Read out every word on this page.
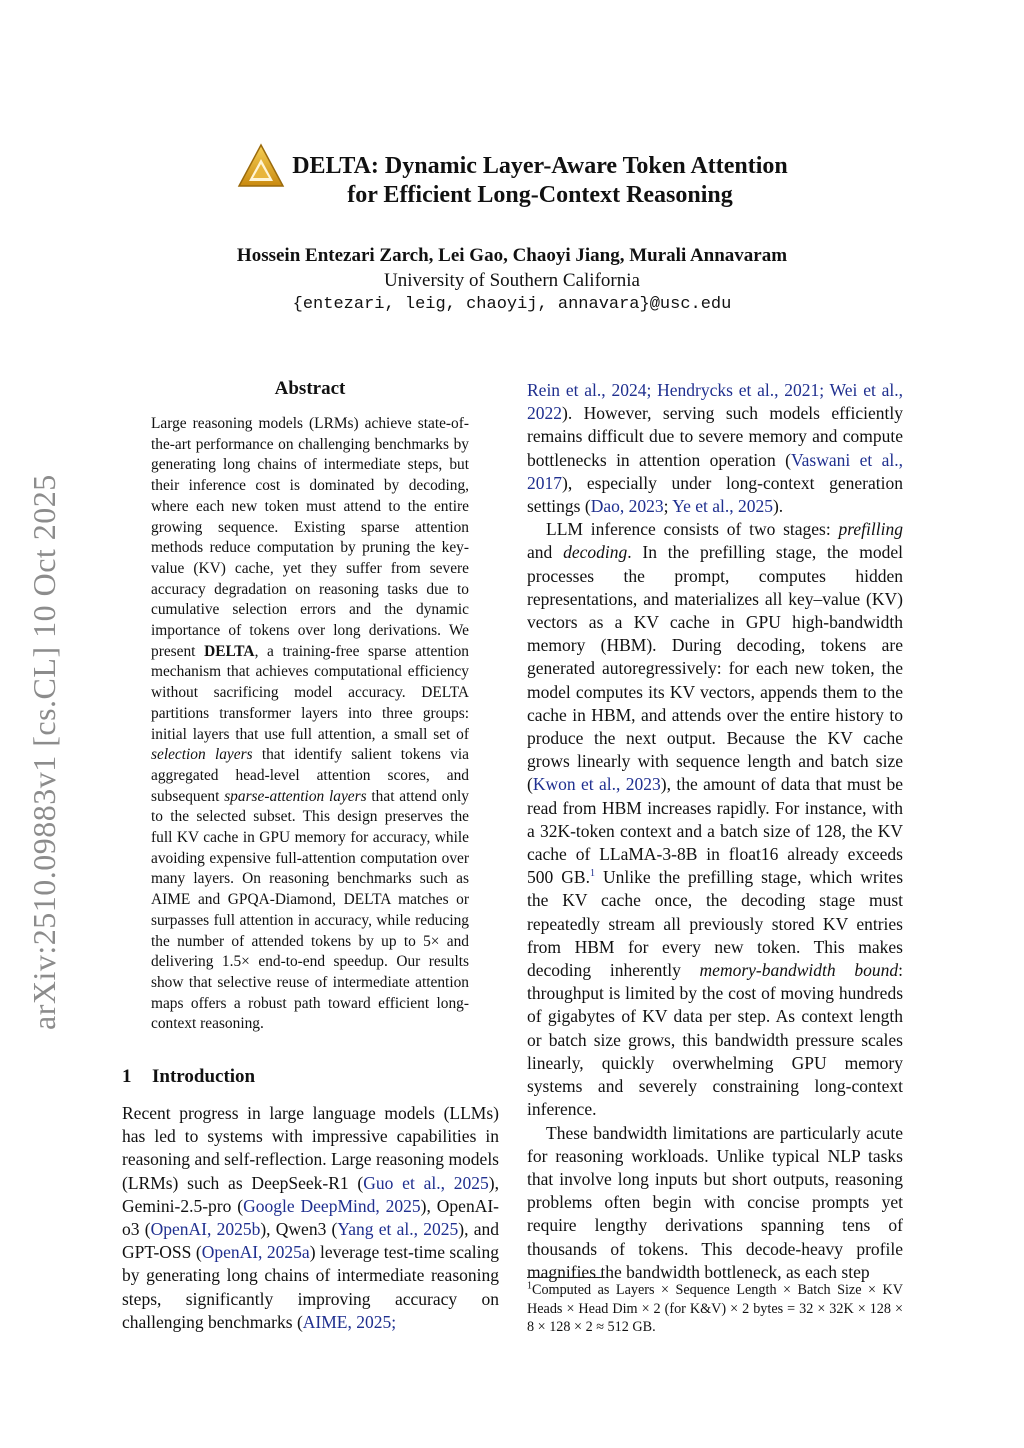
arXiv:2510.09883v1 [cs.CL] 10 Oct 2025
DELTA: Dynamic Layer-Aware Token Attention
for Efficient Long-Context Reasoning
Hossein Entezari Zarch, Lei Gao, Chaoyi Jiang, Murali Annavaram
University of Southern California
{entezari, leig, chaoyij, annavara}@usc.edu
Abstract
Large reasoning models (LRMs) achieve state-of-the-art performance on challenging benchmarks by generating long chains of intermediate steps, but their inference cost is dominated by decoding, where each new token must attend to the entire growing sequence. Existing sparse attention methods reduce computation by pruning the key-value (KV) cache, yet they suffer from severe accuracy degradation on reasoning tasks due to cumulative selection errors and the dynamic importance of tokens over long derivations. We present DELTA, a training-free sparse attention mechanism that achieves computational efficiency without sacrificing model accuracy. DELTA partitions transformer layers into three groups: initial layers that use full attention, a small set of selection layers that identify salient tokens via aggregated head-level attention scores, and subsequent sparse-attention layers that attend only to the selected subset. This design preserves the full KV cache in GPU memory for accuracy, while avoiding expensive full-attention computation over many layers. On reasoning benchmarks such as AIME and GPQA-Diamond, DELTA matches or surpasses full attention in accuracy, while reducing the number of attended tokens by up to 5× and delivering 1.5× end-to-end speedup. Our results show that selective reuse of intermediate attention maps offers a robust path toward efficient long-context reasoning.
1 Introduction

Recent progress in large language models (LLMs) has led to systems with impressive capabilities in reasoning and self-reflection. Large reasoning models (LRMs) such as DeepSeek-R1 (Guo et al., 2025), Gemini-2.5-pro (Google DeepMind, 2025), OpenAI-o3 (OpenAI, 2025b), Qwen3 (Yang et al., 2025), and GPT-OSS (OpenAI, 2025a) leverage test-time scaling by generating long chains of intermediate reasoning steps, significantly improving accuracy on challenging benchmarks (AIME, 2025;

Rein et al., 2024; Hendrycks et al., 2021; Wei et al., 2022). However, serving such models efficiently remains difficult due to severe memory and compute bottlenecks in attention operation (Vaswani et al., 2017), especially under long-context generation settings (Dao, 2023; Ye et al., 2025).

LLM inference consists of two stages: prefilling and decoding. In the prefilling stage, the model processes the prompt, computes hidden representations, and materializes all key–value (KV) vectors as a KV cache in GPU high-bandwidth memory (HBM). During decoding, tokens are generated autoregressively: for each new token, the model computes its KV vectors, appends them to the cache in HBM, and attends over the entire history to produce the next output. Because the KV cache grows linearly with sequence length and batch size (Kwon et al., 2023), the amount of data that must be read from HBM increases rapidly. For instance, with a 32K-token context and a batch size of 128, the KV cache of LLaMA-3-8B in float16 already exceeds 500 GB.$^1$ Unlike the prefilling stage, which writes the KV cache once, the decoding stage must repeatedly stream all previously stored KV entries from HBM for every new token. This makes decoding inherently memory-bandwidth bound: throughput is limited by the cost of moving hundreds of gigabytes of KV data per step. As context length or batch size grows, this bandwidth pressure scales linearly, quickly overwhelming GPU memory systems and severely constraining long-context inference.

These bandwidth limitations are particularly acute for reasoning workloads. Unlike typical NLP tasks that involve long inputs but short outputs, reasoning problems often begin with concise prompts yet require lengthy derivations spanning tens of thousands of tokens. This decode-heavy profile magnifies the bandwidth bottleneck, as each step

$^1$Computed as Layers × Sequence Length × Batch Size × KV Heads × Head Dim × 2 (for K&V) × 2 bytes = 32 × 32K × 128 × 8 × 128 × 2 ≈ 512 GB.
